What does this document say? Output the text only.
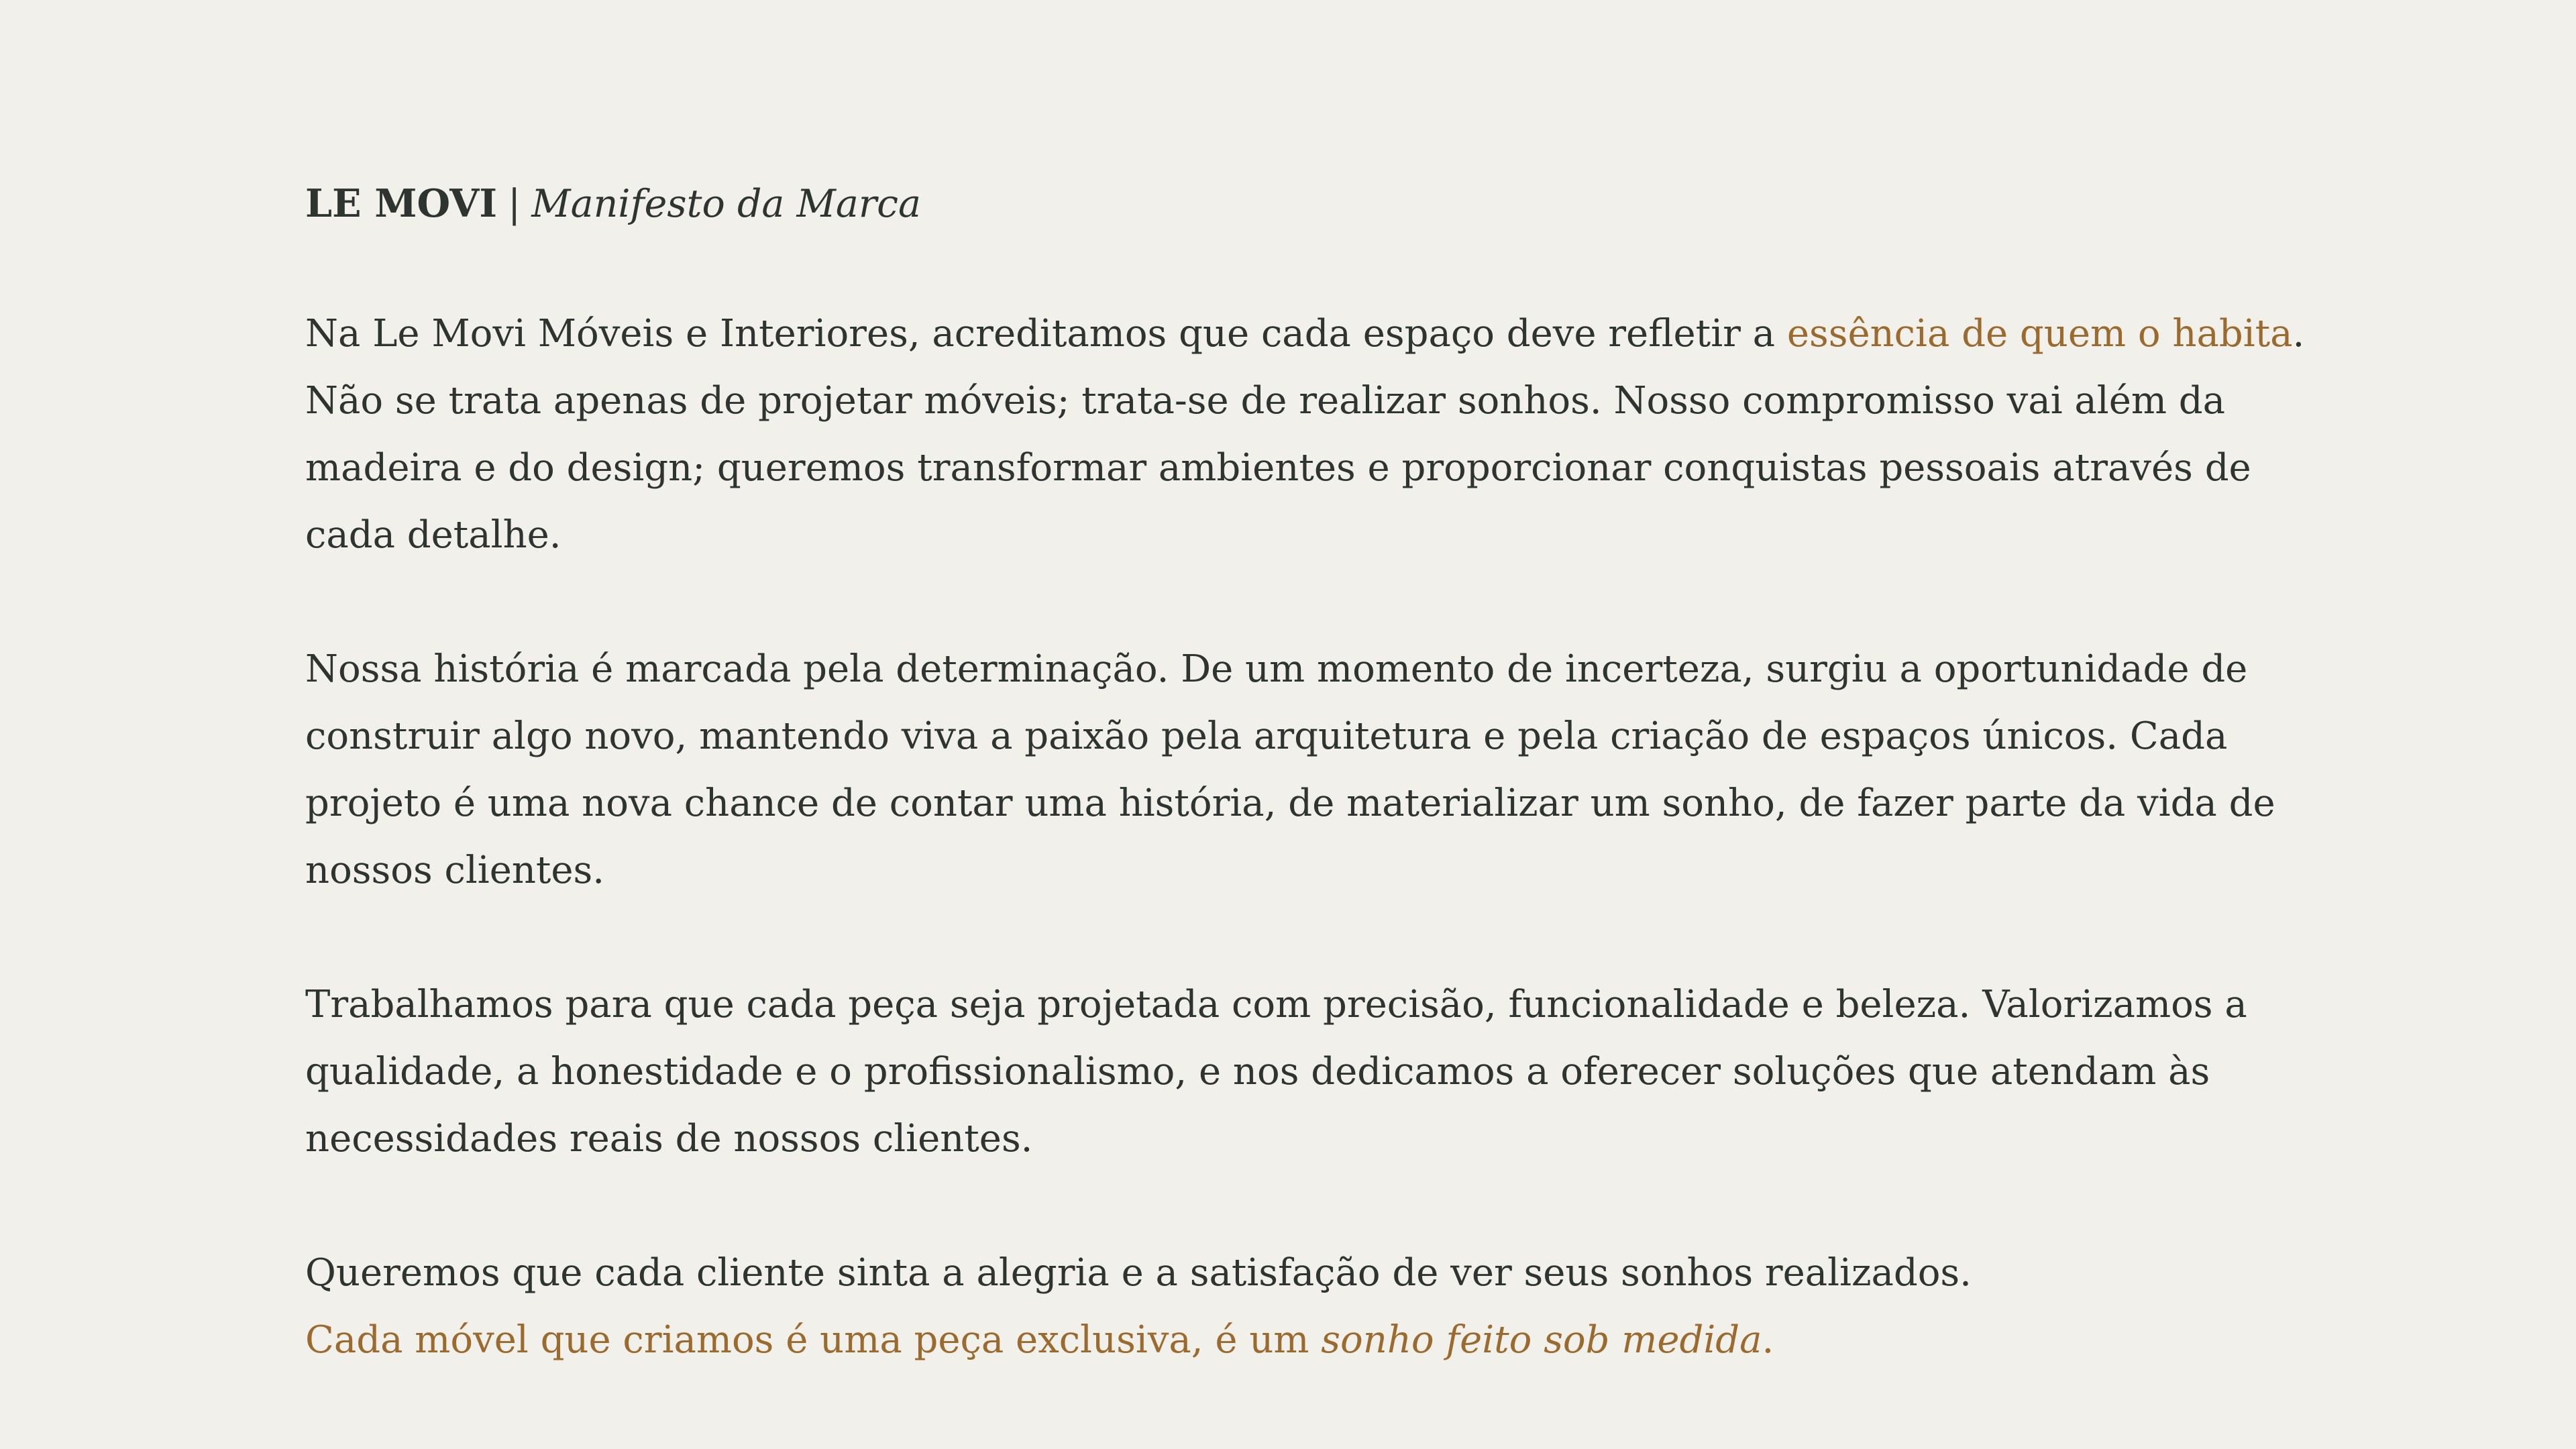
LE MOVI | Manifesto da Marca

Na Le Movi Móveis e Interiores, acreditamos que cada espaço deve refletir a essência de quem o habita.
Não se trata apenas de projetar móveis; trata-se de realizar sonhos. Nosso compromisso vai além da madeira e do design; queremos transformar ambientes e proporcionar conquistas pessoais através de cada detalhe.

Nossa história é marcada pela determinação. De um momento de incerteza, surgiu a oportunidade de construir algo novo, mantendo viva a paixão pela arquitetura e pela criação de espaços únicos. Cada projeto é uma nova chance de contar uma história, de materializar um sonho, de fazer parte da vida de nossos clientes.

Trabalhamos para que cada peça seja projetada com precisão, funcionalidade e beleza. Valorizamos a qualidade, a honestidade e o profissionalismo, e nos dedicamos a oferecer soluções que atendam às necessidades reais de nossos clientes.

Queremos que cada cliente sinta a alegria e a satisfação de ver seus sonhos realizados.
Cada móvel que criamos é uma peça exclusiva, é um sonho feito sob medida.
